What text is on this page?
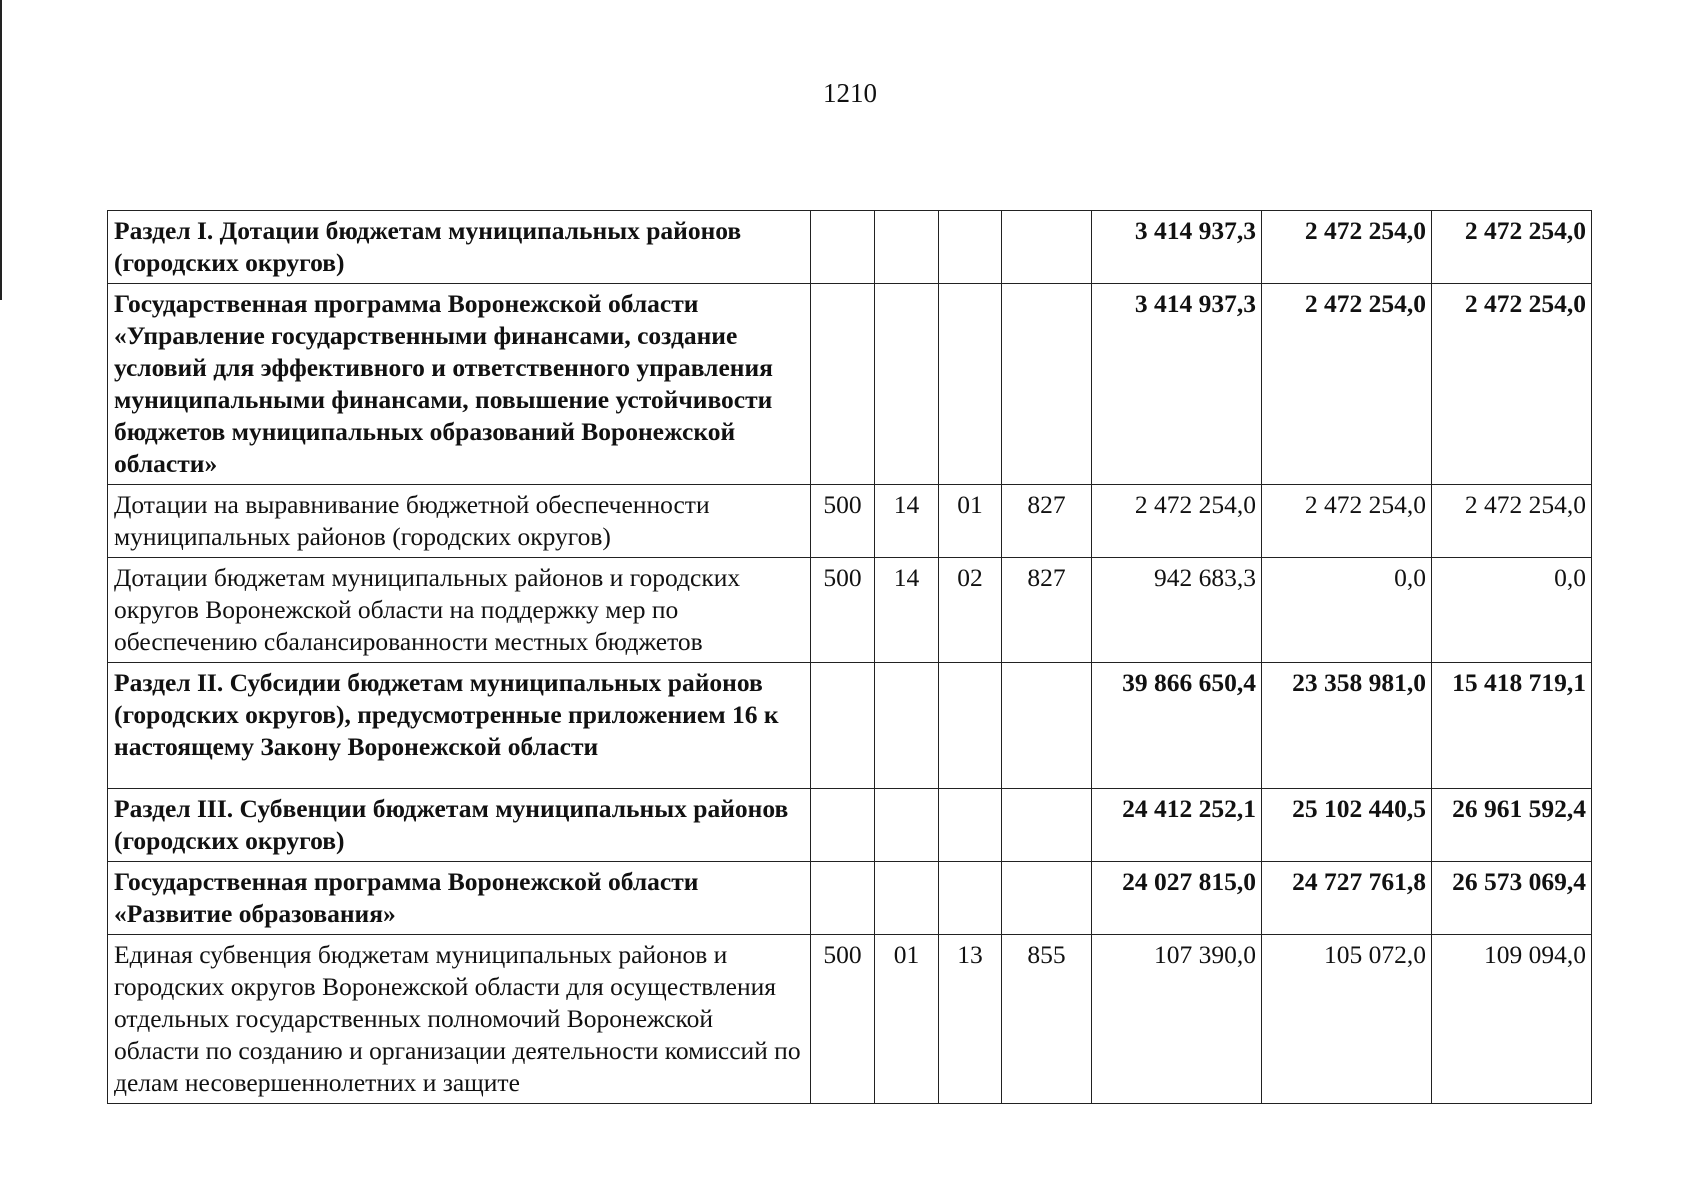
1210
Раздел I. Дотации бюджетам муниципальных районов (городских округов)					3 414 937,3	2 472 254,0	2 472 254,0
Государственная программа Воронежской области «Управление государственными финансами, создание условий для эффективного и ответственного управления муниципальными финансами, повышение устойчивости бюджетов муниципальных образований Воронежской области»					3 414 937,3	2 472 254,0	2 472 254,0
Дотации на выравнивание бюджетной обеспеченности муниципальных районов (городских округов)	500	14	01	827	2 472 254,0	2 472 254,0	2 472 254,0
Дотации бюджетам муниципальных районов и городских округов Воронежской области на поддержку мер по обеспечению сбалансированности местных бюджетов	500	14	02	827	942 683,3	0,0	0,0
Раздел II. Субсидии бюджетам муниципальных районов (городских округов), предусмотренные приложением 16 к настоящему Закону Воронежской области					39 866 650,4	23 358 981,0	15 418 719,1
Раздел III. Субвенции бюджетам муниципальных районов (городских округов)					24 412 252,1	25 102 440,5	26 961 592,4
Государственная программа Воронежской области «Развитие образования»					24 027 815,0	24 727 761,8	26 573 069,4
Единая субвенция бюджетам муниципальных районов и городских округов Воронежской области для осуществления отдельных государственных полномочий Воронежской области по созданию и организации деятельности комиссий по делам несовершеннолетних и защите	500	01	13	855	107 390,0	105 072,0	109 094,0
